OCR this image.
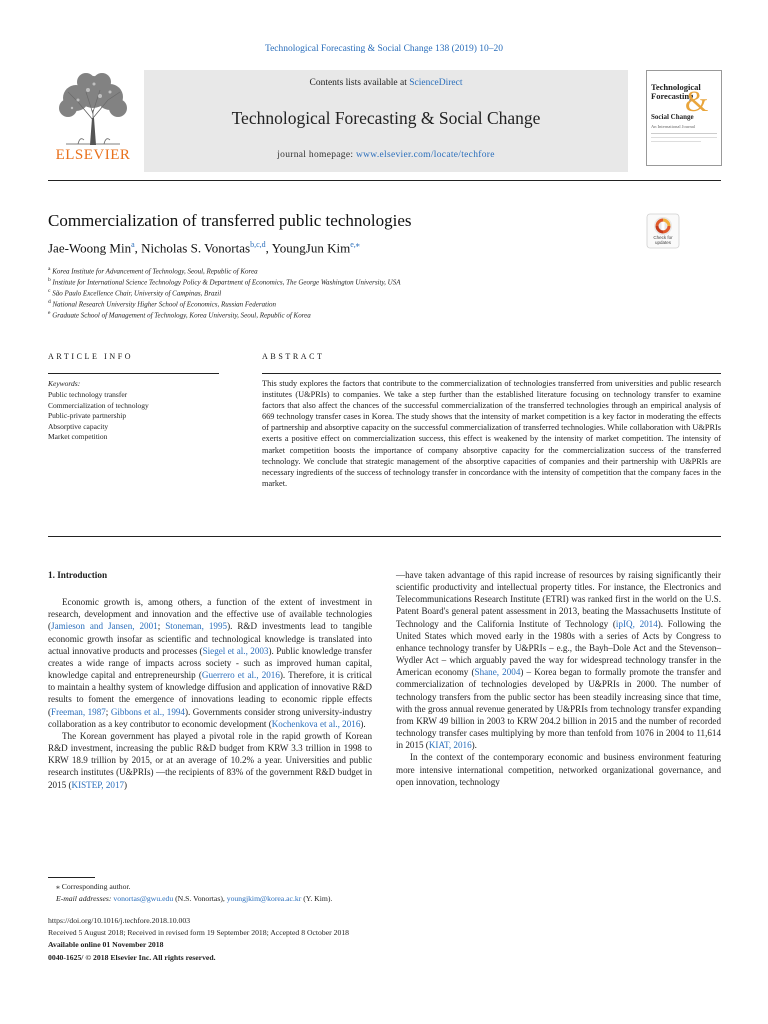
Technological Forecasting & Social Change 138 (2019) 10–20
ELSEVIER
Contents lists available at ScienceDirect
Technological Forecasting & Social Change
journal homepage: www.elsevier.com/locate/techfore
Technological
Forecasting
&
Social Change
An International Journal
Commercialization of transferred public technologies
Check for
updates
Jae-Woong Min$^a$, Nicholas S. Vonortas$^{b,c,d}$, YoungJun Kim$^{e,⁎}$
$^a$ Korea Institute for Advancement of Technology, Seoul, Republic of Korea
$^b$ Institute for International Science Technology Policy & Department of Economics, The George Washington University, USA
$^c$ São Paulo Excellence Chair, University of Campinas, Brazil
$^d$ National Research University Higher School of Economics, Russian Federation
$^e$ Graduate School of Management of Technology, Korea University, Seoul, Republic of Korea
ARTICLE INFO
Keywords:
Public technology transfer
Commercialization of technology
Public-private partnership
Absorptive capacity
Market competition
ABSTRACT
This study explores the factors that contribute to the commercialization of technologies transferred from universities and public research institutes (U&PRIs) to companies. We take a step further than the established literature focusing on technology transfer to examine factors that also affect the chances of the successful commercialization of the transferred technologies through an empirical analysis of 669 technology transfer cases in Korea. The study shows that the intensity of market competition is a key factor in moderating the effects of partnership and absorptive capacity on the successful commercialization of transferred technologies. While collaboration with U&PRIs exerts a positive effect on commercialization success, this effect is weakened by the intensity of market competition. The intensity of market competition boosts the importance of company absorptive capacity for the commercialization success of the transferred technology. We conclude that strategic management of the absorptive capacities of companies and their partnership with U&PRIs are necessary ingredients of the success of technology transfer in concordance with the intensity of competition that the company faces in the market.
1. Introduction

Economic growth is, among others, a function of the extent of investment in research, development and innovation and the effective use of available technologies (Jamieson and Jansen, 2001; Stoneman, 1995). R&D investments lead to tangible economic growth insofar as scientific and technological knowledge is translated into actual innovative products and processes (Siegel et al., 2003). Public knowledge transfer creates a wide range of impacts across society - such as improved human capital, knowledge capital and entrepreneurship (Guerrero et al., 2016). Therefore, it is critical to maintain a healthy system of knowledge diffusion and application of innovative R&D results to foment the emergence of innovations leading to economic ripple effects (Freeman, 1987; Gibbons et al., 1994). Governments consider strong university-industry collaboration as a key contributor to economic development (Kochenkova et al., 2016).

The Korean government has played a pivotal role in the rapid growth of Korean R&D investment, increasing the public R&D budget from KRW 3.3 trillion in 1998 to KRW 18.9 trillion by 2015, or at an average of 10.2% a year. Universities and public research institutes (U&PRIs) —the recipients of 83% of the government R&D budget in 2015 (KISTEP, 2017)

—have taken advantage of this rapid increase of resources by raising significantly their scientific productivity and intellectual property titles. For instance, the Electronics and Telecommunications Research Institute (ETRI) was ranked first in the world on the U.S. Patent Board's general patent assessment in 2013, beating the Massachusetts Institute of Technology and the California Institute of Technology (ipIQ, 2014). Following the United States which moved early in the 1980s with a series of Acts by Congress to enhance technology transfer by U&PRIs – e.g., the Bayh–Dole Act and the Stevenson–Wydler Act – which arguably paved the way for widespread technology transfer in the American economy (Shane, 2004) – Korea began to formally promote the transfer and commercialization of technologies developed by U&PRIs in 2000. The number of technology transfers from the public sector has been steadily increasing since that time, with the gross annual revenue generated by U&PRIs from technology transfer expanding from KRW 49 billion in 2003 to KRW 204.2 billion in 2015 and the number of recorded technology transfer cases multiplying by more than tenfold from 1076 in 2004 to 11,614 in 2015 (KIAT, 2016).

In the context of the contemporary economic and business environment featuring more intensive international competition, networked organizational governance, and open innovation, technology

⁎ Corresponding author.
E-mail addresses: vonortas@gwu.edu (N.S. Vonortas), youngjkim@korea.ac.kr (Y. Kim).
https://doi.org/10.1016/j.techfore.2018.10.003
Received 5 August 2018; Received in revised form 19 September 2018; Accepted 8 October 2018
Available online 01 November 2018
0040-1625/ © 2018 Elsevier Inc. All rights reserved.
